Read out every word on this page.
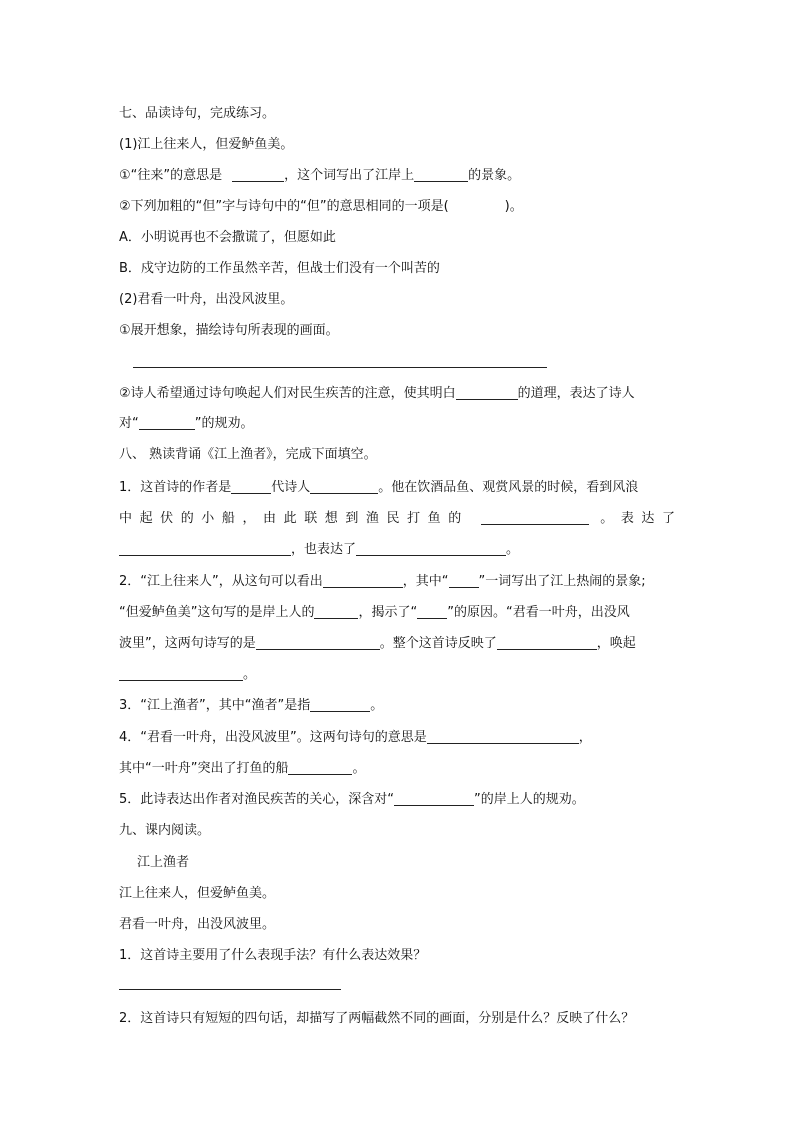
七、品读诗句，完成练习。
(1)江上往来人，但爱鲈鱼美。
①“往来”的意思是	，这个词写出了江岸上	的景象。
②下列加粗的“但”字与诗句中的“但”的意思相同的一项是(	)。
A．小明说再也不会撒谎了，但愿如此
B．戍守边防的工作虽然辛苦，但战士们没有一个叫苦的
(2)君看一叶舟，出没风波里。
①展开想象，描绘诗句所表现的画面。
②诗人希望通过诗句唤起人们对民生疾苦的注意，使其明白	的道理，表达了诗人
对“	”的规劝。
八、 熟读背诵《江上渔者》，完成下面填空。
1．这首诗的作者是	代诗人	。他在饮酒品鱼、观赏风景的时候，看到风浪
中起伏的小船，由此联想到渔民打鱼的	。表达了
，也表达了	。
2．“江上往来人”，从这句可以看出	，其中“ ”一词写出了江上热闹的景象;
“但爱鲈鱼美”这句写的是岸上人的	，揭示了“ ”的原因。“君看一叶舟，出没风
波里”，这两句诗写的是	。整个这首诗反映了	，唤起
。
3．“江上渔者”，其中“渔者”是指	。
4．“君看一叶舟，出没风波里”。这两句诗句的意思是	，
其中“一叶舟”突出了打鱼的船	。
5．此诗表达出作者对渔民疾苦的关心，深含对“	”的岸上人的规劝。
九、课内阅读。
江上渔者
江上往来人，但爱鲈鱼美。
君看一叶舟，出没风波里。
1．这首诗主要用了什么表现手法？有什么表达效果？
2．这首诗只有短短的四句话，却描写了两幅截然不同的画面，分别是什么？反映了什么？
